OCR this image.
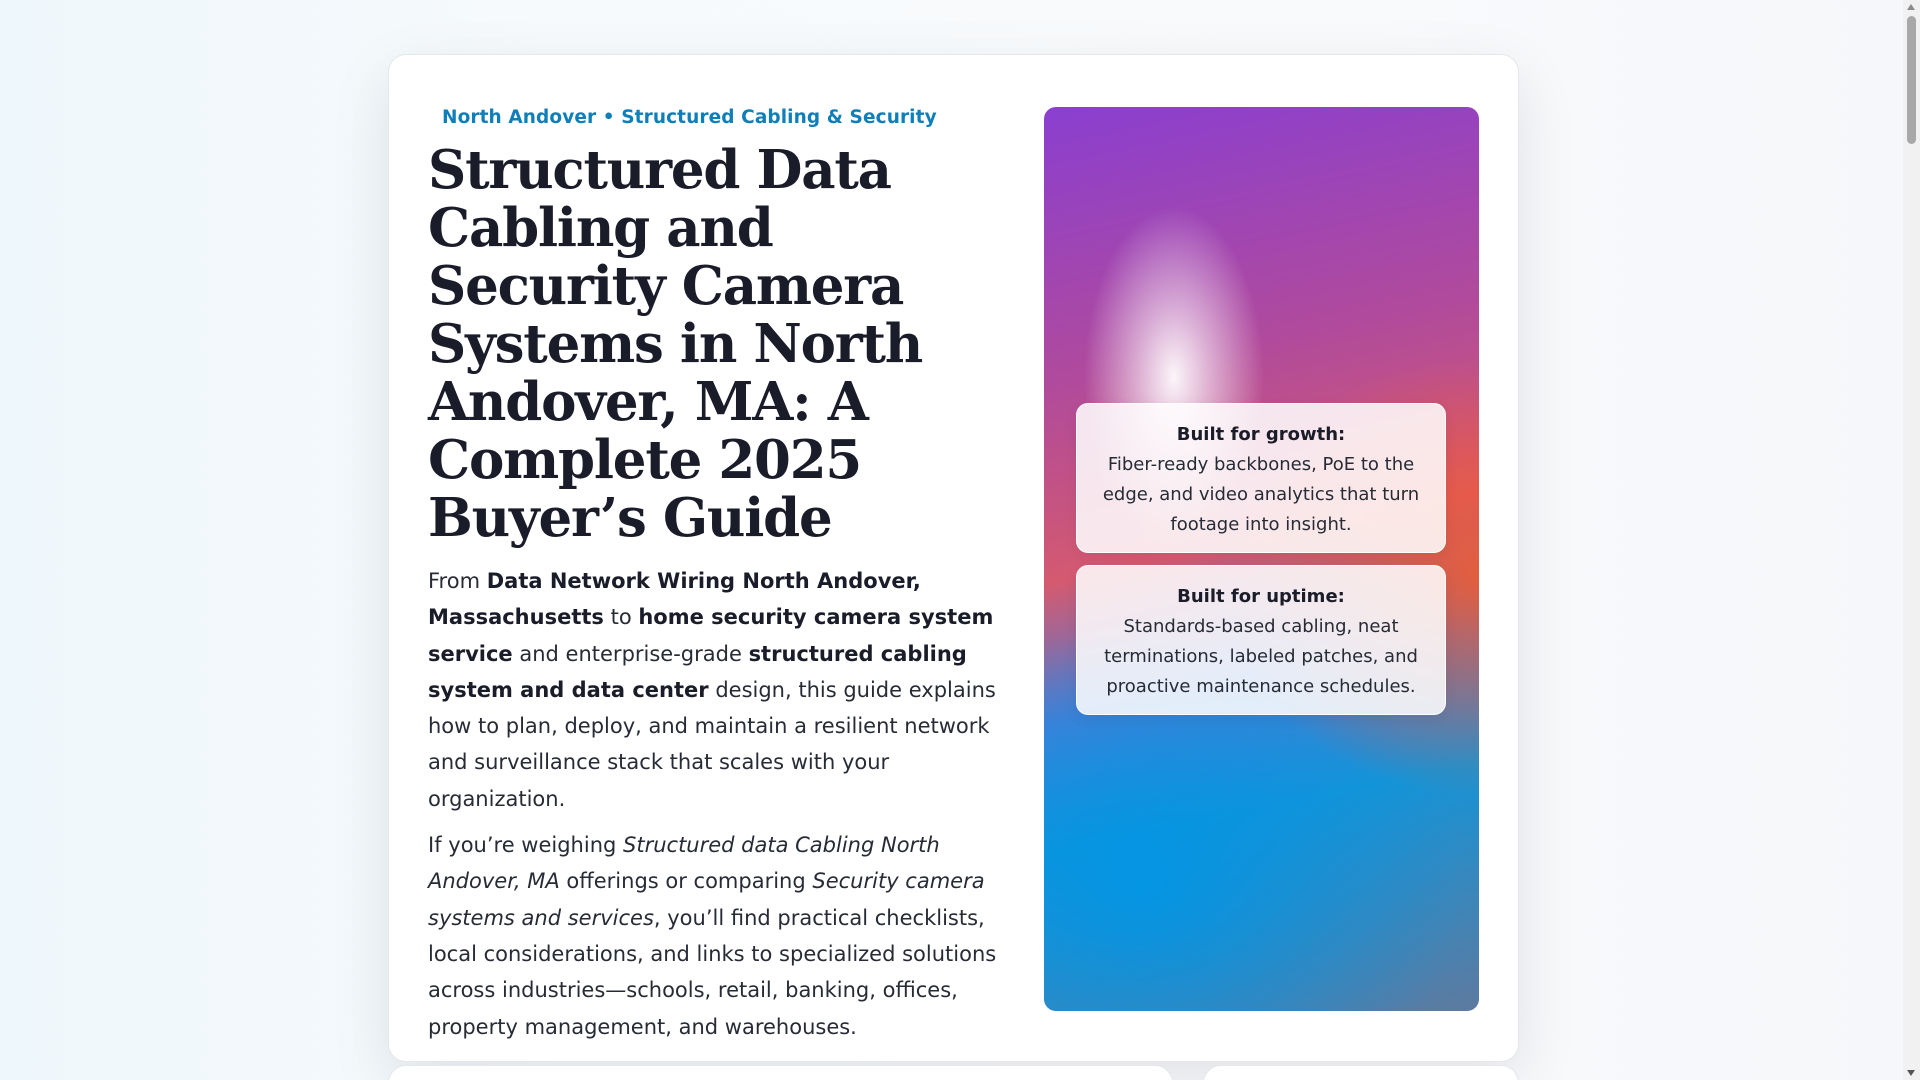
North Andover • Structured Cabling & Security
Structured Data Cabling and Security Camera Systems in North Andover, MA: A Complete 2025 Buyer’s Guide

From Data Network Wiring North Andover, Massachusetts to home security camera system service and enterprise-grade structured cabling system and data center design, this guide explains how to plan, deploy, and maintain a resilient network and surveillance stack that scales with your organization.

If you’re weighing Structured data Cabling North Andover, MA offerings or comparing Security camera systems and services, you’ll find practical checklists, local considerations, and links to specialized solutions across industries—schools, retail, banking, offices, property management, and warehouses.

Built for growth:
Fiber-ready backbones, PoE to the edge, and video analytics that turn footage into insight.
Built for uptime:
Standards-based cabling, neat terminations, labeled patches, and proactive maintenance schedules.
